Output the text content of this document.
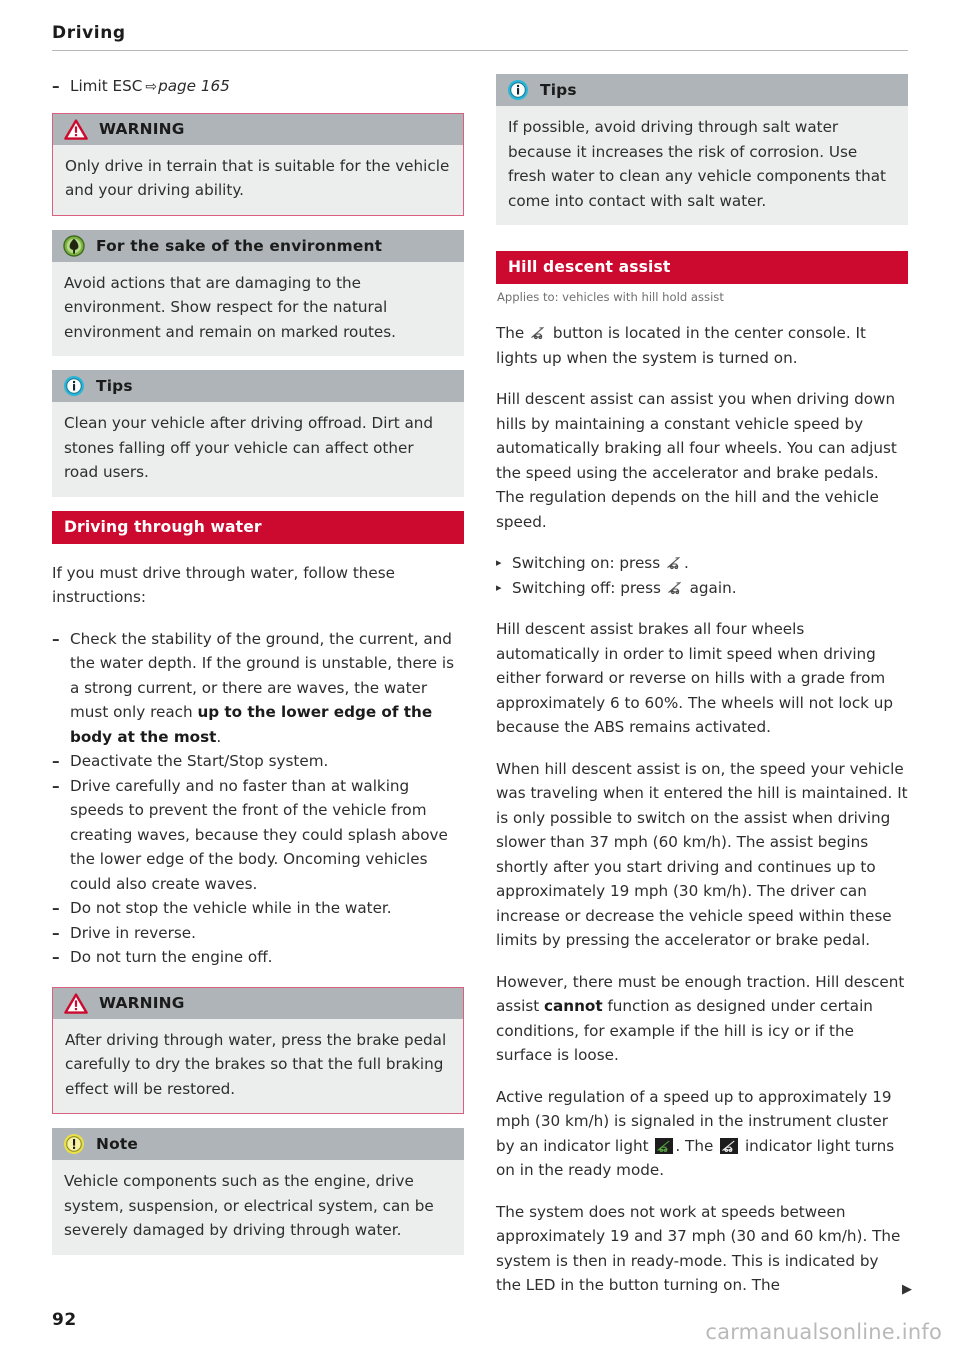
Driving
– Limit ESC ⇨page 165
WARNING

Only drive in terrain that is suitable for the vehicle and your driving ability.

For the sake of the environment

Avoid actions that are damaging to the environment. Show respect for the natural environment and remain on marked routes.

Tips

Clean your vehicle after driving offroad. Dirt and stones falling off your vehicle can affect other road users.

Driving through water

If you must drive through water, follow these instructions:

– Check the stability of the ground, the current, and the water depth. If the ground is unstable, there is a strong current, or there are waves, the water must only reach up to the lower edge of the body at the most.
– Deactivate the Start/Stop system.
– Drive carefully and no faster than at walking speeds to prevent the front of the vehicle from creating waves, because they could splash above the lower edge of the body. Oncoming vehicles could also create waves.
– Do not stop the vehicle while in the water.
– Drive in reverse.
– Do not turn the engine off.
WARNING

After driving through water, press the brake pedal carefully to dry the brakes so that the full braking effect will be restored.

Note

Vehicle components such as the engine, drive system, suspension, or electrical system, can be severely damaged by driving through water.

Tips

If possible, avoid driving through salt water because it increases the risk of corrosion. Use fresh water to clean any vehicle components that come into contact with salt water.

Hill descent assist
Applies to: vehicles with hill hold assist

The
button is located in the center console. It lights up when the system is turned on.

Hill descent assist can assist you when driving down hills by maintaining a constant vehicle speed by automatically braking all four wheels. You can adjust the speed using the accelerator and brake pedals. The regulation depends on the hill and the vehicle speed.

▸ Switching on: press
.
▸ Switching off: press
again.

Hill descent assist brakes all four wheels automatically in order to limit speed when driving either forward or reverse on hills with a grade from approximately 6 to 60%. The wheels will not lock up because the ABS remains activated.

When hill descent assist is on, the speed your vehicle was traveling when it entered the hill is maintained. It is only possible to switch on the assist when driving slower than 37 mph (60 km/h). The assist begins shortly after you start driving and continues up to approximately 19 mph (30 km/h). The driver can increase or decrease the vehicle speed within these limits by pressing the accelerator or brake pedal.

However, there must be enough traction. Hill descent assist cannot function as designed under certain conditions, for example if the hill is icy or if the surface is loose.

Active regulation of a speed up to approximately 19 mph (30 km/h) is signaled in the instrument cluster by an indicator light
. The
indicator light turns on in the ready mode.

The system does not work at speeds between approximately 19 and 37 mph (30 and 60 km/h). The system is then in ready-mode. This is indicated by the LED in the button turning on. The	▶
92	carmanualsonline.info
